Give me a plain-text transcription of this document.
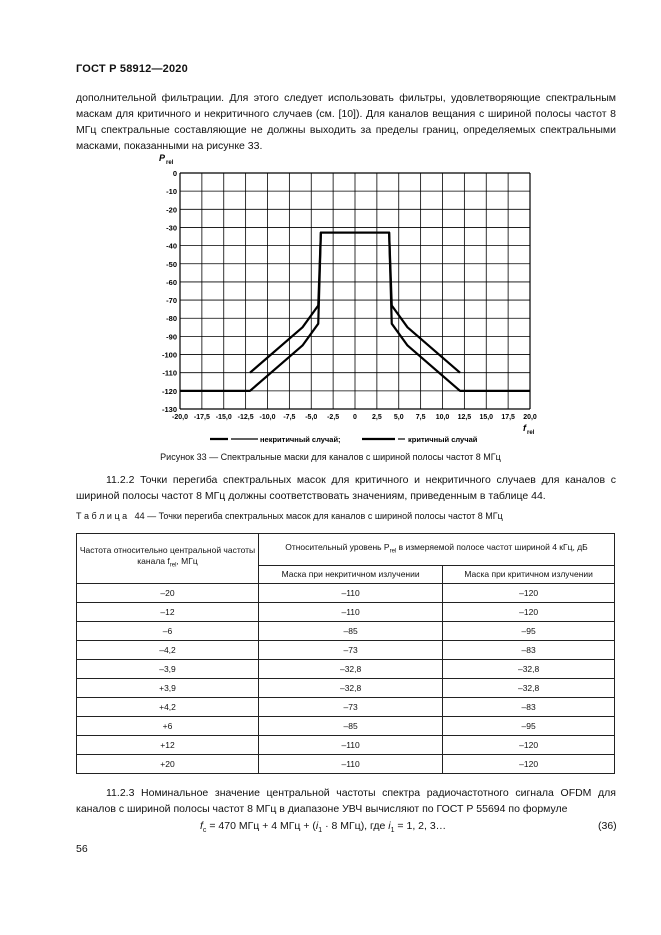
ГОСТ Р 58912—2020
дополнительной фильтрации. Для этого следует использовать фильтры, удовлетворяющие спектральным маскам для критичного и некритичного случаев (см. [10]). Для каналов вещания с шириной полосы частот 8 МГц спектральные составляющие не должны выходить за пределы границ, определяемых спектральными масками, показанными на рисунке 33.
-20,0 -17,5 -15,0 -12,5 -10,0 -7,5 -5,0 -2,5 0 2,5 5,0 7,5 10,0 12,5 15,0 17,5 20,0
0
-10
-20
-30
-40
-50
-60
-70
-80
-90
-100
-110
-120
-130
P rel
f rel
некритичный случай;	критичный случай
Рисунок 33 — Спектральные маски для каналов с шириной полосы частот 8 МГц
11.2.2 Точки перегиба спектральных масок для критичного и некритичного случаев для каналов с шириной полосы частот 8 МГц должны соответствовать значениям, приведенным в таблице 44.
Т а б л и ц а   44 — Точки перегиба спектральных масок для каналов с шириной полосы частот 8 МГц
Частота относительно центральной частоты канала $f_{rel}$, МГц	Относительный уровень $P_{rel}$ в измеряемой полосе частот шириной 4 кГц, дБ	
	Маска при некритичном излучении	Маска при критичном излучении
–20	–110	–120
–12	–110	–120
–6	–85	–95
–4,2	–73	–83
–3,9	–32,8	–32,8
+3,9	–32,8	–32,8
+4,2	–73	–83
+6	–85	–95
+12	–110	–120
+20	–110	–120
11.2.3 Номинальное значение центральной частоты спектра радиочастотного сигнала OFDM для каналов с шириной полосы частот 8 МГц в диапазоне УВЧ вычисляют по ГОСТ Р 55694 по формуле
$f_c = 470$ МГц + 4 МГц + ($i_1 \cdot 8$ МГц), где $i_1 = 1$, 2, 3…	(36)
56
